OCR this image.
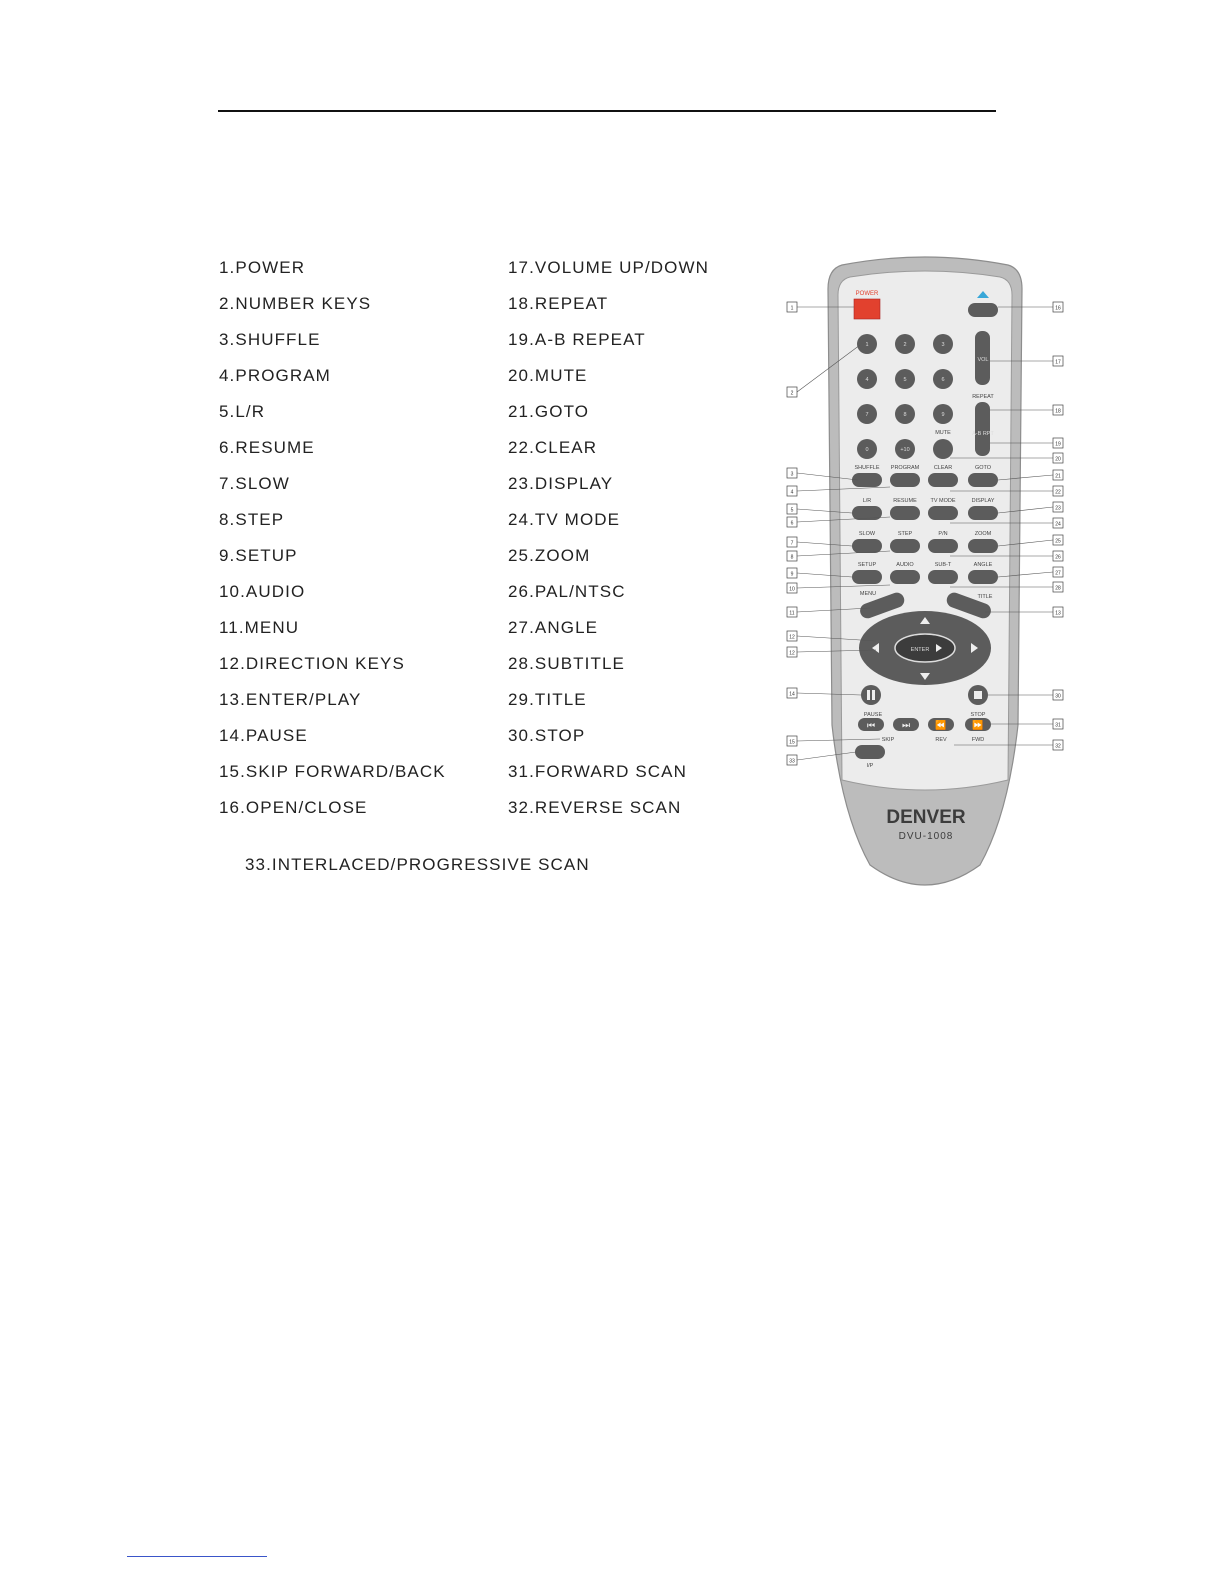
1.POWER
2.NUMBER KEYS
3.SHUFFLE
4.PROGRAM
5.L/R
6.RESUME
7.SLOW
8.STEP
9.SETUP
10.AUDIO
11.MENU
12.DIRECTION KEYS
13.ENTER/PLAY
14.PAUSE
15.SKIP FORWARD/BACK
16.OPEN/CLOSE
17.VOLUME UP/DOWN
18.REPEAT
19.A-B REPEAT
20.MUTE
21.GOTO
22.CLEAR
23.DISPLAY
24.TV MODE
25.ZOOM
26.PAL/NTSC
27.ANGLE
28.SUBTITLE
29.TITLE
30.STOP
31.FORWARD SCAN
32.REVERSE SCAN
33.INTERLACED/PROGRESSIVE SCAN
DENVER
DVU-1008
POWER
1	2	3
4	5	6
7	8	9
0	+10
MUTE
VOL
REPEAT
A-B RPT
SHUFFLE PROGRAM	CLEAR	GOTO
L/R	RESUME TV MODE	DISPLAY
SLOW	STEP	P/N	ZOOM
SETUP	AUDIO	SUB-T	ANGLE
MENU	TITLE
ENTER
PAUSE	STOP
⏮	⏭	⏪	⏩
SKIP	REV	FWD
I/P
1
2
3
4
5
6
7
8
9
10
11
12
12
14
15
33
16
17
18
19
20
21
22
23
24
25
26
27
28
13
30
31
32
